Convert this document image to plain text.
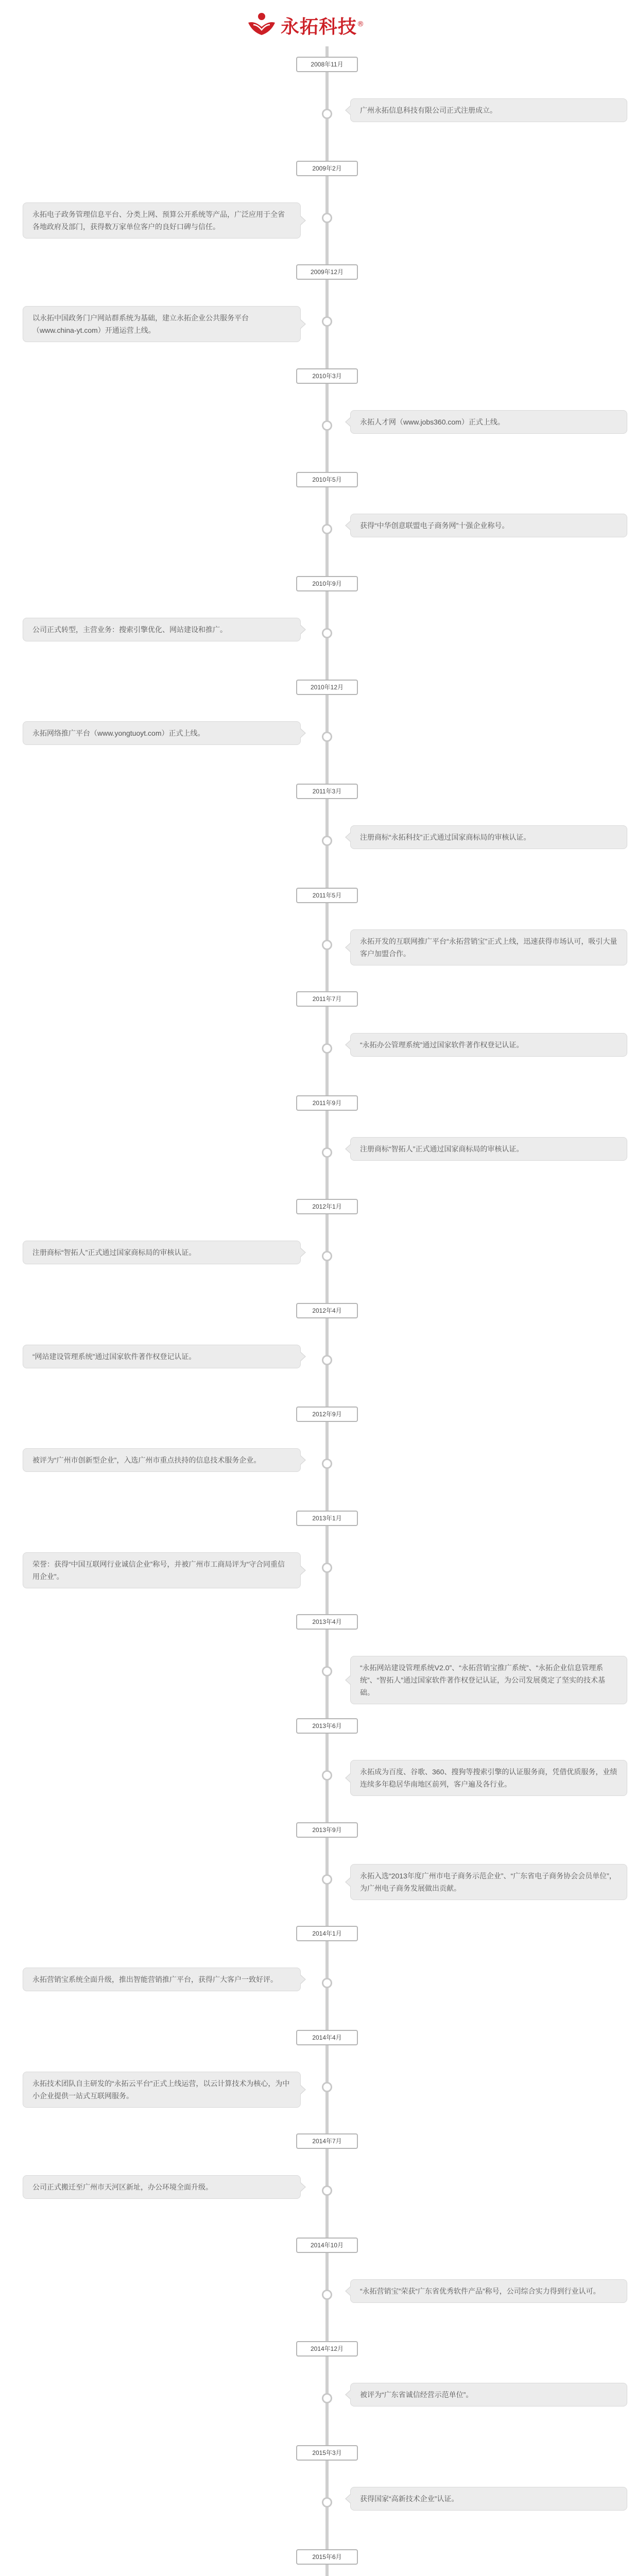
永拓科技®
2008年11月
广州永拓信息科技有限公司正式注册成立。
2009年2月
永拓电子政务管理信息平台、分类上网、预算公开系统等产品，广泛应用于全省各地政府及部门，获得数万家单位客户的良好口碑与信任。
2009年12月
以永拓中国政务门户网站群系统为基础，建立永拓企业公共服务平台（www.china-yt.com）开通运营上线。
2010年3月
永拓人才网（www.jobs360.com）正式上线。
2010年5月
获得“中华创意联盟电子商务网”十强企业称号。
2010年9月
公司正式转型，主营业务：搜索引擎优化、网站建设和推广。
2010年12月
永拓网络推广平台（www.yongtuoyt.com）正式上线。
2011年3月
注册商标“永拓科技”正式通过国家商标局的审核认证。
2011年5月
永拓开发的互联网推广平台“永拓营销宝”正式上线，迅速获得市场认可，吸引大量客户加盟合作。
2011年7月
“永拓办公管理系统”通过国家软件著作权登记认证。
2011年9月
注册商标“智拓人”正式通过国家商标局的审核认证。
2012年1月
注册商标“智拓人”正式通过国家商标局的审核认证。
2012年4月
“网站建设管理系统”通过国家软件著作权登记认证。
2012年9月
被评为“广州市创新型企业”，入选广州市重点扶持的信息技术服务企业。
2013年1月
荣誉：获得“中国互联网行业诚信企业”称号，并被广州市工商局评为“守合同重信用企业”。
2013年4月
“永拓网站建设管理系统V2.0”、“永拓营销宝推广系统”、“永拓企业信息管理系统”、“智拓人”通过国家软件著作权登记认证，为公司发展奠定了坚实的技术基础。
2013年6月
永拓成为百度、谷歌、360、搜狗等搜索引擎的认证服务商，凭借优质服务，业绩连续多年稳居华南地区前列，客户遍及各行业。
2013年9月
永拓入选“2013年度广州市电子商务示范企业”、“广东省电子商务协会会员单位”，为广州电子商务发展做出贡献。
2014年1月
永拓营销宝系统全面升级，推出智能营销推广平台，获得广大客户一致好评。
2014年4月
永拓技术团队自主研发的“永拓云平台”正式上线运营，以云计算技术为核心，为中小企业提供一站式互联网服务。
2014年7月
公司正式搬迁至广州市天河区新址，办公环境全面升级。
2014年10月
“永拓营销宝”荣获“广东省优秀软件产品”称号，公司综合实力得到行业认可。
2014年12月
被评为“广东省诚信经营示范单位”。
2015年3月
获得国家“高新技术企业”认证。
2015年6月
